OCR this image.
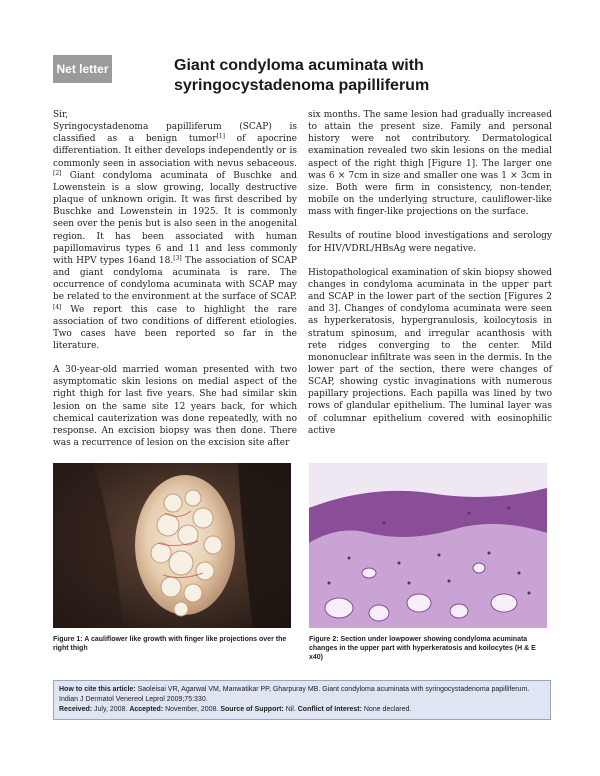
Net letter	Giant condyloma acuminata with
syringocystadenoma papilliferum

Sir,

Syringocystadenoma papilliferum (SCAP) is classified as a benign tumor[1] of apocrine differentiation. It either develops independently or is commonly seen in association with nevus sebaceous.[2] Giant condyloma acuminata of Buschke and Lowenstein is a slow growing, locally destructive plaque of unknown origin. It was first described by Buschke and Lowenstein in 1925. It is commonly seen over the penis but is also seen in the anogenital region. It has been associated with human papillomavirus types 6 and 11 and less commonly with HPV types 16and 18.[3] The association of SCAP and giant condyloma acuminata is rare. The occurrence of condyloma acuminata with SCAP may be related to the environment at the surface of SCAP.[4] We report this case to highlight the rare association of two conditions of different etiologies. Two cases have been reported so far in the literature.

A 30-year-old married woman presented with two asymptomatic skin lesions on medial aspect of the right thigh for last five years. She had similar skin lesion on the same site 12 years back, for which chemical cauterization was done repeatedly, with no response. An excision biopsy was then done. There was a recurrence of lesion on the excision site after

six months. The same lesion had gradually increased to attain the present size. Family and personal history were not contributory. Dermatological examination revealed two skin lesions on the medial aspect of the right thigh [Figure 1]. The larger one was 6 × 7cm in size and smaller one was 1 × 3cm in size. Both were firm in consistency, non-tender, mobile on the underlying structure, cauliflower-like mass with finger-like projections on the surface.

Results of routine blood investigations and serology for HIV/VDRL/HBsAg were negative.

Histopathological examination of skin biopsy showed changes in condyloma acuminata in the upper part and SCAP in the lower part of the section [Figures 2 and 3]. Changes of condyloma acuminata were seen as hyperkeratosis, hypergranulosis, koilocytosis in stratum spinosum, and irregular acanthosis with rete ridges converging to the center. Mild mononuclear infiltrate was seen in the dermis. In the lower part of the section, there were changes of SCAP, showing cystic invaginations with numerous papillary projections. Each papilla was lined by two rows of glandular epithelium. The luminal layer was of columnar epithelium covered with eosinophilic active

Figure 1: A cauliflower like growth with finger like projections over the right thigh
Figure 2: Section under lowpower showing condyloma acuminata changes in the upper part with hyperkeratosis and koilocytes (H & E x40)
How to cite this article: Saoleisai VR, Agarwal VM, Manwatikar PP, Gharpuray MB. Giant condyloma acuminata with syringocystadenoma papilliferum. Indian J Dermatol Venereol Leprol 2009;75:330.
Received: July, 2008. Accepted: November, 2008. Source of Support: Nil. Conflict of Interest: None declared.
